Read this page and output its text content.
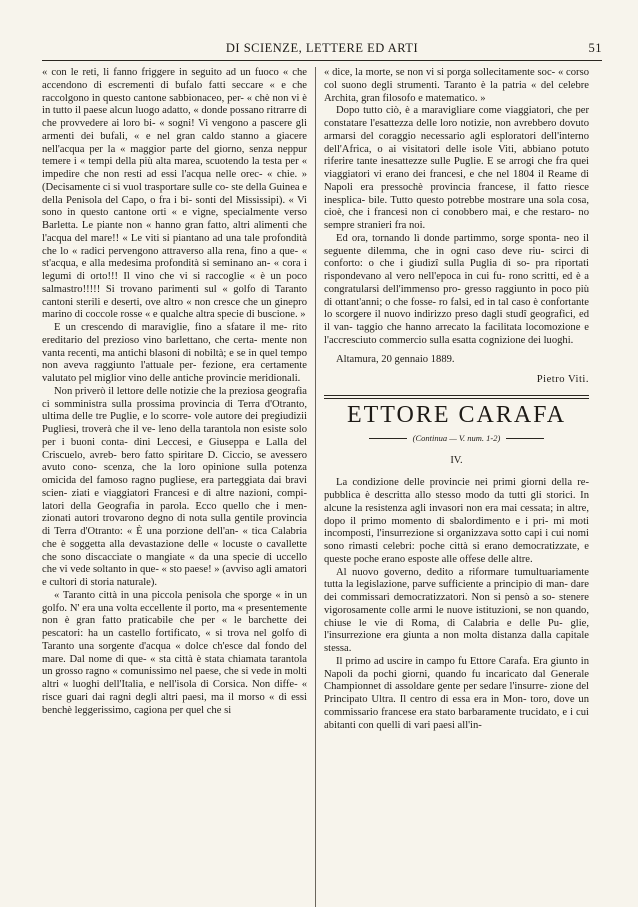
DI SCIENZE, LETTERE ED ARTI	51

« con le reti, li fanno friggere in seguito ad un fuoco « che accendono di escrementi di bufalo fatti seccare « e che raccolgono in questo cantone sabbionaceo, per- « chè non vi è in tutto il paese alcun luogo adatto, « donde possano ritrarre di che provvedere ai loro bi- « sogni! Vi vengono a pascere gli armenti dei bufali, « e nel gran caldo stanno a giacere nell'acqua per la « maggior parte del giorno, senza neppur temere i « tempi della più alta marea, scuotendo la testa per « impedire che non resti ad essi l'acqua nelle orec- « chie. » (Decisamente ci si vuol trasportare sulle co- ste della Guinea e della Penisola del Capo, o fra i bi- sonti del Mississipi). « Vi sono in questo cantone orti « e vigne, specialmente verso Barletta. Le piante non « hanno gran fatto, altri alimenti che l'acqua del mare!! « Le viti si piantano ad una tale profondità che lo « radici pervengono attraverso alla rena, fino a que- « st'acqua, e alla medesima profondità si seminano an- « cora i legumi di orto!!! Il vino che vi si raccoglie « è un poco salmastro!!!!! Si trovano parimenti sul « golfo di Taranto cantoni sterili e deserti, ove altro « non cresce che un ginepro marino di coccole rosse « e qualche altra specie di buscione. »

E un crescendo di maraviglie, fino a sfatare il me- rito ereditario del prezioso vino barlettano, che certa- mente non vanta recenti, ma antichi blasoni di nobiltà; e se in quel tempo non aveva raggiunto l'attuale per- fezione, era certamente valutato pel miglior vino delle antiche provincie meridionali.

Non priverò il lettore delle notizie che la preziosa geografia ci somministra sulla prossima provincia di Terra d'Otranto, ultima delle tre Puglie, e lo scorre- vole autore dei pregiudizii Pugliesi, troverà che il ve- leno della tarantola non esiste solo per i buoni conta- dini Leccesi, e Giuseppa e Lalla del Criscuelo, avreb- bero fatto spiritare D. Ciccio, se avessero avuto cono- scenza, che la loro opinione sulla potenza omicida del famoso ragno pugliese, era parteggiata dai bravi scien- ziati e viaggiatori Francesi e di altre nazioni, compi- latori della Geografia in parola. Ecco quello che i men- zionati autori trovarono degno di nota sulla gentile provincia di Terra d'Otranto: « È una porzione dell'an- « tica Calabria che è soggetta alla devastazione delle « locuste o cavallette che sono discacciate o mangiate « da una specie di uccello che vi vede soltanto in que- « sto paese! » (avviso agli amatori e cultori di storia naturale).

« Taranto città in una piccola penisola che sporge « in un golfo. N' era una volta eccellente il porto, ma « presentemente non è gran fatto praticabile che per « le barchette dei pescatori: ha un castello fortificato, « si trova nel golfo di Taranto una sorgente d'acqua « dolce ch'esce dal fondo del mare. Dal nome di que- « sta città è stata chiamata tarantola un grosso ragno « comunissimo nel paese, che si vede in molti altri « luoghi dell'Italia, e nell'isola di Corsica. Non diffe- « risce guari dai ragni degli altri paesi, ma il morso « di essi benchè leggerissimo, cagiona per quel che si

« dice, la morte, se non vi si porga sollecitamente soc- « corso col suono degli strumenti. Taranto è la patria « del celebre Archita, gran filosofo e matematico. »

Dopo tutto ciò, è a maravigliare come viaggiatori, che per constatare l'esattezza delle loro notizie, non avrebbero dovuto armarsi del coraggio necessario agli esploratori dell'interno dell'Africa, o ai visitatori delle isole Viti, abbiano potuto riferire tante inesattezze sulle Puglie. E se arrogi che fra quei viaggiatori vi erano dei francesi, e che nel 1804 il Reame di Napoli era pressochè provincia francese, il fatto riesce inesplica- bile. Tutto questo potrebbe mostrare una sola cosa, cioè, che i francesi non ci conobbero mai, e che restaro- no sempre stranieri fra noi.

Ed ora, tornando lì donde partimmo, sorge sponta- neo il seguente dilemma, che in ogni caso deve riu- scirci di conforto: o che i giudizî sulla Puglia di so- pra riportati rispondevano al vero nell'epoca in cui fu- rono scritti, ed è a congratularsi dell'immenso pro- gresso raggiunto in poco più di ottant'anni; o che fosse- ro falsi, ed in tal caso è confortante lo scorgere il nuovo indirizzo preso dagli studî geografici, ed il van- taggio che hanno arrecato la facilitata locomozione e l'accresciuto commercio sulla esatta cognizione dei luoghi.

Altamura, 20 gennaio 1889.

Pietro Viti.

ETTORE CARAFA
(Continua — V. num. 1-2)

IV.

La condizione delle provincie nei primi giorni della re- pubblica è descritta allo stesso modo da tutti gli storici. In alcune la resistenza agli invasori non era mai cessata; in altre, dopo il primo momento di sbalordimento e i pri- mi moti incomposti, l'insurrezione si organizzava sotto capi i cui nomi sono rimasti celebri: poche città si erano democratizzate, e queste poche erano esposte alle offese delle altre.

Al nuovo governo, dedito a riformare tumultuariamente tutta la legislazione, parve sufficiente a principio di man- dare dei commissari democratizzatori. Non si pensò a so- stenere vigorosamente colle armi le nuove istituzioni, se non quando, chiuse le vie di Roma, di Calabria e delle Pu- glie, l'insurrezione era giunta a non molta distanza dalla capitale stessa.

Il primo ad uscire in campo fu Ettore Carafa. Era giunto in Napoli da pochi giorni, quando fu incaricato dal Generale Championnet di assoldare gente per sedare l'insurre- zione del Principato Ultra. Il centro di essa era in Mon- toro, dove un commissario francese era stato barbaramente trucidato, e i cui abitanti con quelli di vari paesi all'in-
